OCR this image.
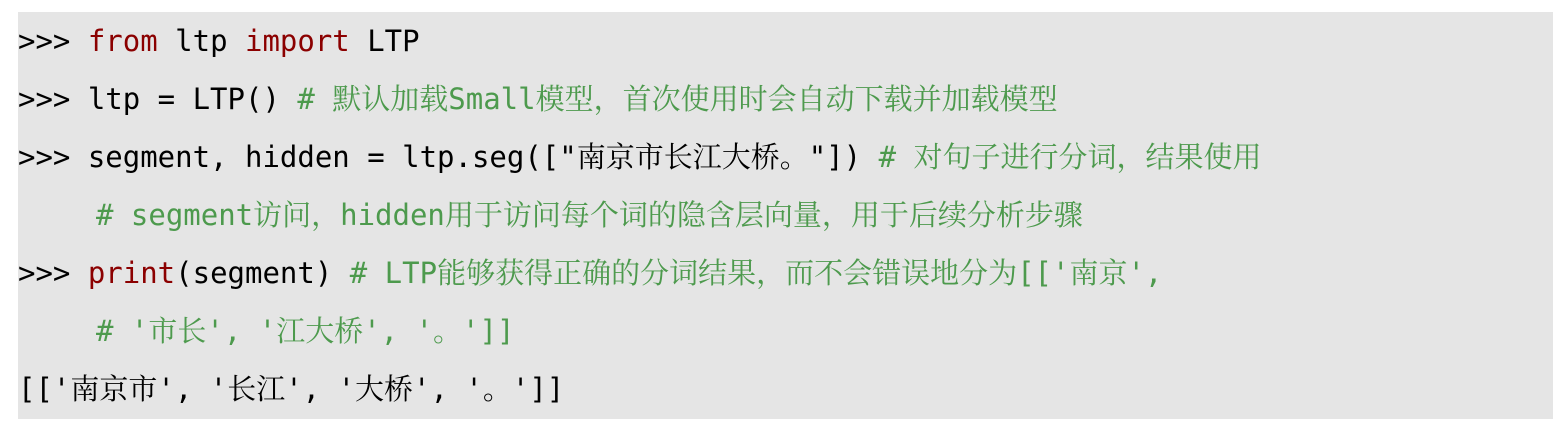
>>> from ltp import LTP
>>> ltp = LTP() # 默认加载Small模型，首次使用时会自动下载并加载模型
>>> segment, hidden = ltp.seg(["南京市长江大桥。"]) # 对句子进行分词，结果使用
# segment访问，hidden用于访问每个词的隐含层向量，用于后续分析步骤
>>> print(segment) # LTP能够获得正确的分词结果，而不会错误地分为[['南京',
# '市长', '江大桥', '。']]
[['南京市', '长江', '大桥', '。']]
